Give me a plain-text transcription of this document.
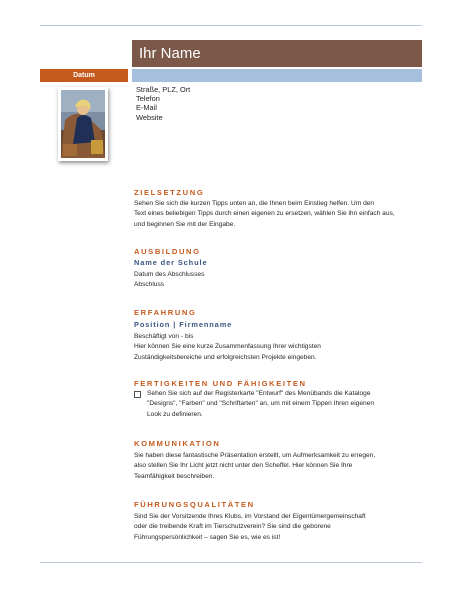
Ihr Name
Datum
Straße, PLZ, Ort
Telefon
E-Mail
Website
ZIELSETZUNG
Sehen Sie sich die kurzen Tipps unten an, die Ihnen beim Einstieg helfen. Um den
Text eines beliebigen Tipps durch einen eigenen zu ersetzen, wählen Sie ihn einfach aus,
und beginnen Sie mit der Eingabe.
AUSBILDUNG
Name der Schule
Datum des Abschlusses
Abschluss
ERFAHRUNG
Position | Firmenname
Beschäftigt von - bis
Hier können Sie eine kurze Zusammenfassung Ihrer wichtigsten
Zuständigkeitsbereiche und erfolgreichsten Projekte eingeben.
FERTIGKEITEN UND FÄHIGKEITEN
Sehen Sie sich auf der Registerkarte "Entwurf" des Menübands die Kataloge
"Designs", "Farben" und "Schriftarten" an, um mit einem Tippen Ihren eigenen
Look zu definieren.
KOMMUNIKATION
Sie haben diese fantastische Präsentation erstellt, um Aufmerksamkeit zu erregen,
also stellen Sie Ihr Licht jetzt nicht unter den Scheffel. Hier können Sie Ihre
Teamfähigkeit beschreiben.
FÜHRUNGSQUALITÄTEN
Sind Sie der Vorsitzende Ihres Klubs, im Vorstand der Eigentümergemeinschaft
oder die treibende Kraft im Tierschutzverein? Sie sind die geborene
Führungspersönlichkeit – sagen Sie es, wie es ist!
